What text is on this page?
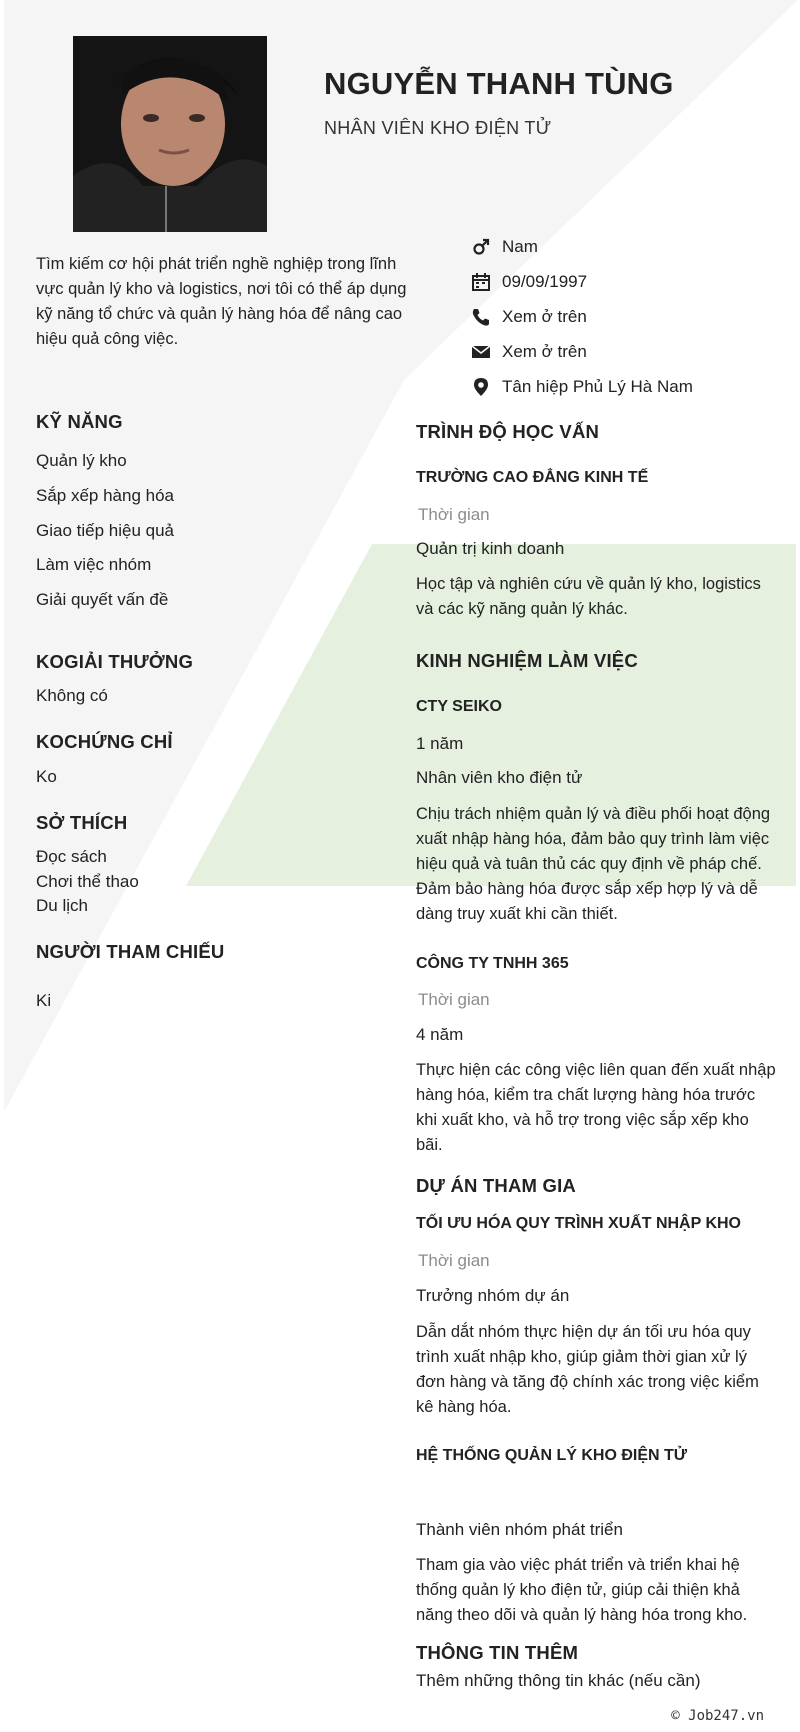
NGUYỄN THANH TÙNG
NHÂN VIÊN KHO ĐIỆN TỬ
Tìm kiếm cơ hội phát triển nghề nghiệp trong lĩnh vực quản lý kho và logistics, nơi tôi có thể áp dụng kỹ năng tổ chức và quản lý hàng hóa để nâng cao hiệu quả công việc.
Nam
09/09/1997
Xem ở trên
Xem ở trên
Tân hiệp Phủ Lý Hà Nam
KỸ NĂNG
Quản lý kho
Sắp xếp hàng hóa
Giao tiếp hiệu quả
Làm việc nhóm
Giải quyết vấn đề
KOGIẢI THƯỞNG
Không có
KOCHỨNG CHỈ
Ko
SỞ THÍCH
Đọc sách
Chơi thể thao
Du lịch
NGƯỜI THAM CHIẾU
Ki
TRÌNH ĐỘ HỌC VẤN
TRƯỜNG CAO ĐẲNG KINH TẾ
Thời gian
Quản trị kinh doanh
Học tập và nghiên cứu về quản lý kho, logistics và các kỹ năng quản lý khác.
KINH NGHIỆM LÀM VIỆC
CTY SEIKO
1 năm
Nhân viên kho điện tử
Chịu trách nhiệm quản lý và điều phối hoạt động xuất nhập hàng hóa, đảm bảo quy trình làm việc hiệu quả và tuân thủ các quy định về pháp chế. Đảm bảo hàng hóa được sắp xếp hợp lý và dễ dàng truy xuất khi cần thiết.
CÔNG TY TNHH 365
Thời gian
4 năm
Thực hiện các công việc liên quan đến xuất nhập hàng hóa, kiểm tra chất lượng hàng hóa trước khi xuất kho, và hỗ trợ trong việc sắp xếp kho bãi.
DỰ ÁN THAM GIA
TỐI ƯU HÓA QUY TRÌNH XUẤT NHẬP KHO
Thời gian
Trưởng nhóm dự án
Dẫn dắt nhóm thực hiện dự án tối ưu hóa quy trình xuất nhập kho, giúp giảm thời gian xử lý đơn hàng và tăng độ chính xác trong việc kiểm kê hàng hóa.
HỆ THỐNG QUẢN LÝ KHO ĐIỆN TỬ
Thành viên nhóm phát triển
Tham gia vào việc phát triển và triển khai hệ thống quản lý kho điện tử, giúp cải thiện khả năng theo dõi và quản lý hàng hóa trong kho.
THÔNG TIN THÊM
Thêm những thông tin khác (nếu cần)
© Job247.vn
